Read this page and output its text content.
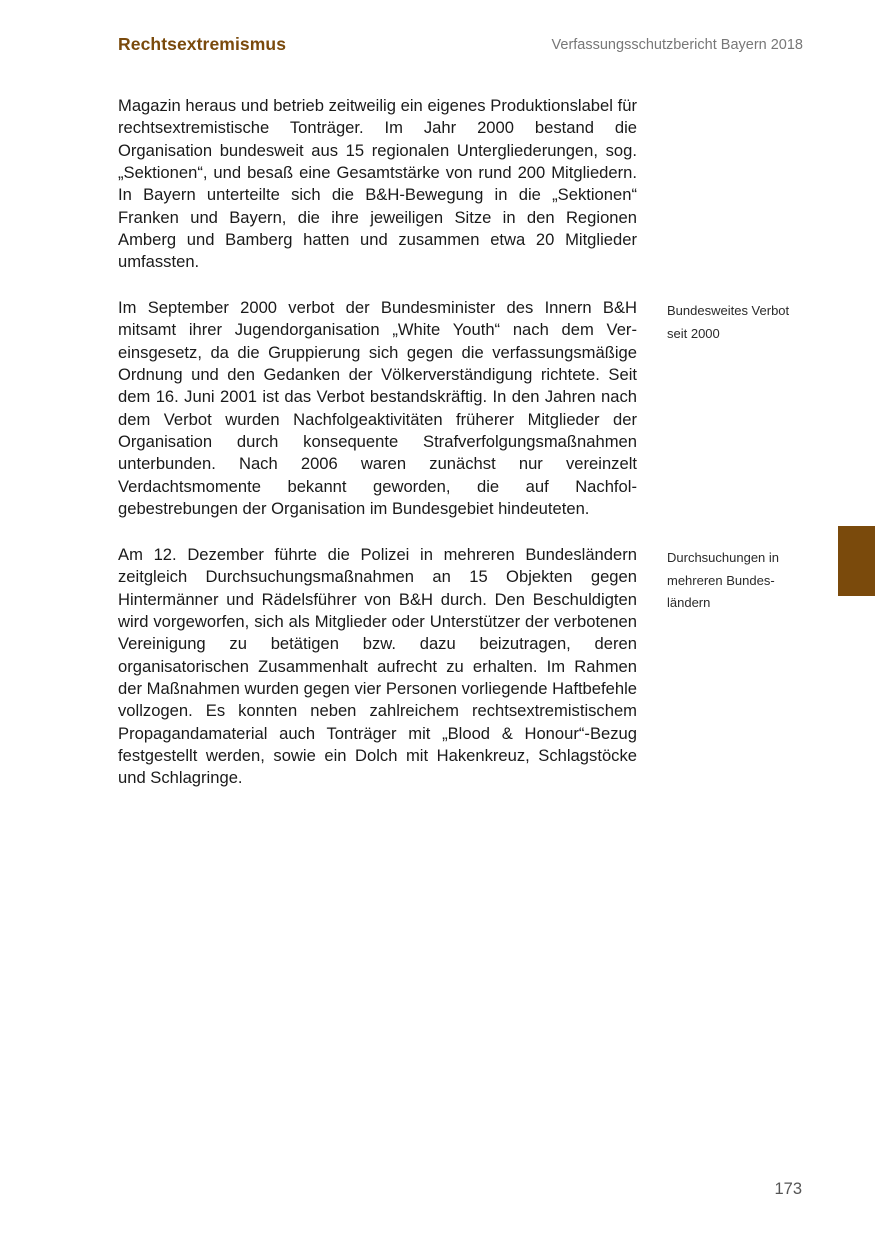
Rechtsextremismus	Verfassungsschutzbericht Bayern 2018

Magazin heraus und betrieb zeitweilig ein eigenes Produktionslabel für rechtsextremistische Tonträger. Im Jahr 2000 bestand die Organisation bundesweit aus 15 regionalen Untergliederungen, sog. „Sektionen“, und besaß eine Gesamtstärke von rund 200 Mitgliedern. In Bayern unterteilte sich die B&H-Bewegung in die „Sektionen“ Franken und Bayern, die ihre jeweiligen Sitze in den Regionen Amberg und Bamberg hatten und zusammen etwa 20 Mitglieder umfassten.

Im September 2000 verbot der Bundesminister des Innern B&H mitsamt ihrer Jugendorganisation „White Youth“ nach dem Vereinsgesetz, da die Gruppierung sich gegen die verfassungsmäßige Ordnung und den Gedanken der Völkerverständigung richtete. Seit dem 16. Juni 2001 ist das Verbot bestandskräftig. In den Jahren nach dem Verbot wurden Nachfolgeaktivitäten früherer Mitglieder der Organisation durch konsequente Strafverfolgungsmaßnahmen unterbunden. Nach 2006 waren zunächst nur vereinzelt Verdachtsmomente bekannt geworden, die auf Nachfolgebestrebungen der Organisation im Bundesgebiet hindeuteten.

Am 12. Dezember führte die Polizei in mehreren Bundesländern zeitgleich Durchsuchungsmaßnahmen an 15 Objekten gegen Hintermänner und Rädelsführer von B&H durch. Den Beschuldigten wird vorgeworfen, sich als Mitglieder oder Unterstützer der verbotenen Vereinigung zu betätigen bzw. dazu beizutragen, deren organisatorischen Zusammenhalt aufrecht zu erhalten. Im Rahmen der Maßnahmen wurden gegen vier Personen vorliegende Haftbefehle vollzogen. Es konnten neben zahlreichem rechtsextremistischem Propagandamaterial auch Tonträger mit „Blood & Honour“-Bezug festgestellt werden, sowie ein Dolch mit Hakenkreuz, Schlagstöcke und Schlagringe.

Bundesweites Verbot seit 2000
Durchsuchungen in mehreren Bundesländern
173
